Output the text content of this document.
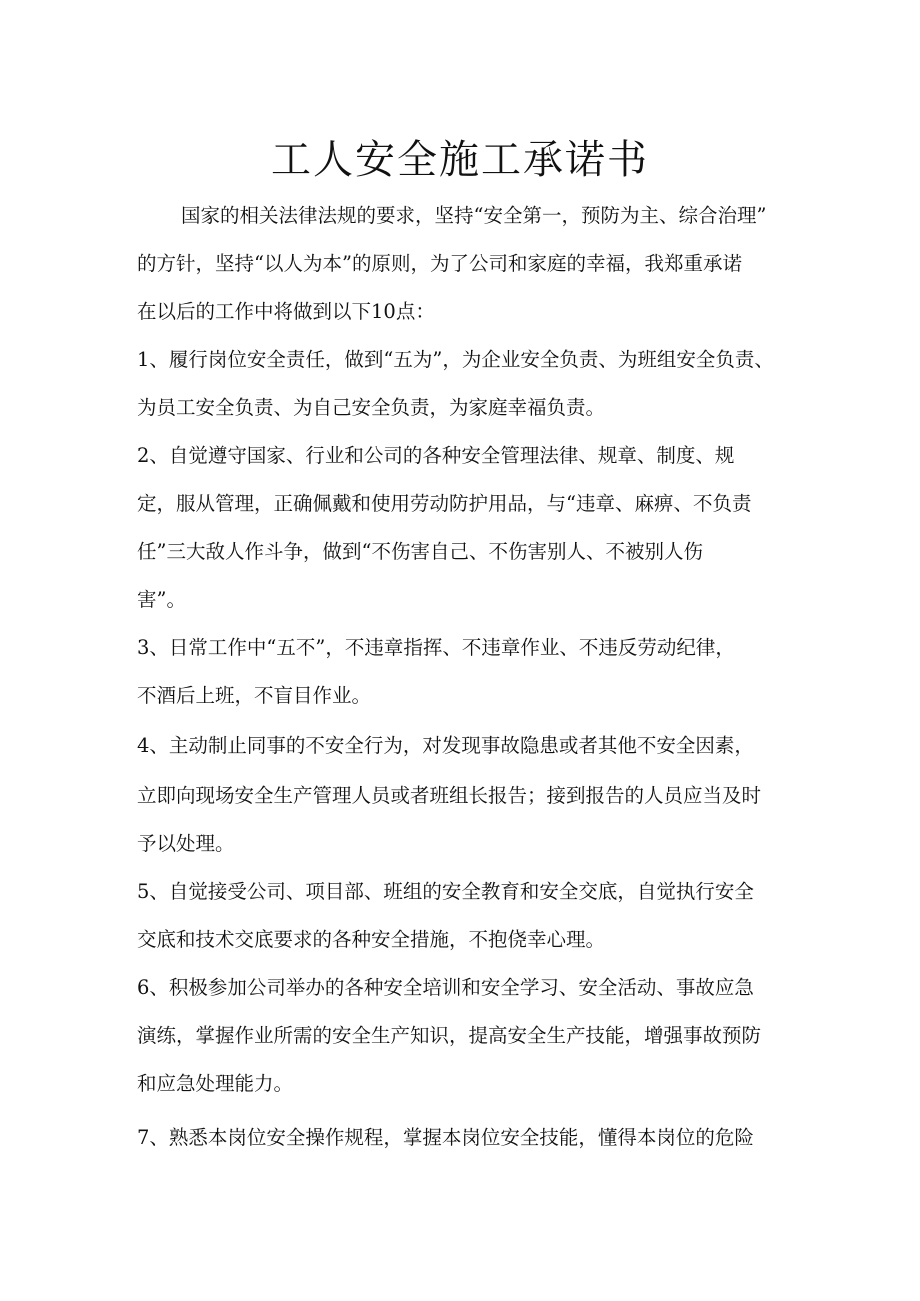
工人安全施工承诺书
国家的相关法律法规的要求，坚持“安全第一，预防为主、综合治理”
的方针，坚持“以人为本”的原则，为了公司和家庭的幸福，我郑重承诺
在以后的工作中将做到以下10点：
1、履行岗位安全责任，做到“五为”，为企业安全负责、为班组安全负责、
为员工安全负责、为自己安全负责，为家庭幸福负责。
2、自觉遵守国家、行业和公司的各种安全管理法律、规章、制度、规
定，服从管理，正确佩戴和使用劳动防护用品，与“违章、麻痹、不负责
任”三大敌人作斗争，做到“不伤害自己、不伤害别人、不被别人伤
害”。
3、日常工作中“五不”，不违章指挥、不违章作业、不违反劳动纪律，
不酒后上班，不盲目作业。
4、主动制止同事的不安全行为，对发现事故隐患或者其他不安全因素，
立即向现场安全生产管理人员或者班组长报告；接到报告的人员应当及时
予以处理。
5、自觉接受公司、项目部、班组的安全教育和安全交底，自觉执行安全
交底和技术交底要求的各种安全措施，不抱侥幸心理。
6、积极参加公司举办的各种安全培训和安全学习、安全活动、事故应急
演练，掌握作业所需的安全生产知识，提高安全生产技能，增强事故预防
和应急处理能力。
7、熟悉本岗位安全操作规程，掌握本岗位安全技能，懂得本岗位的危险
